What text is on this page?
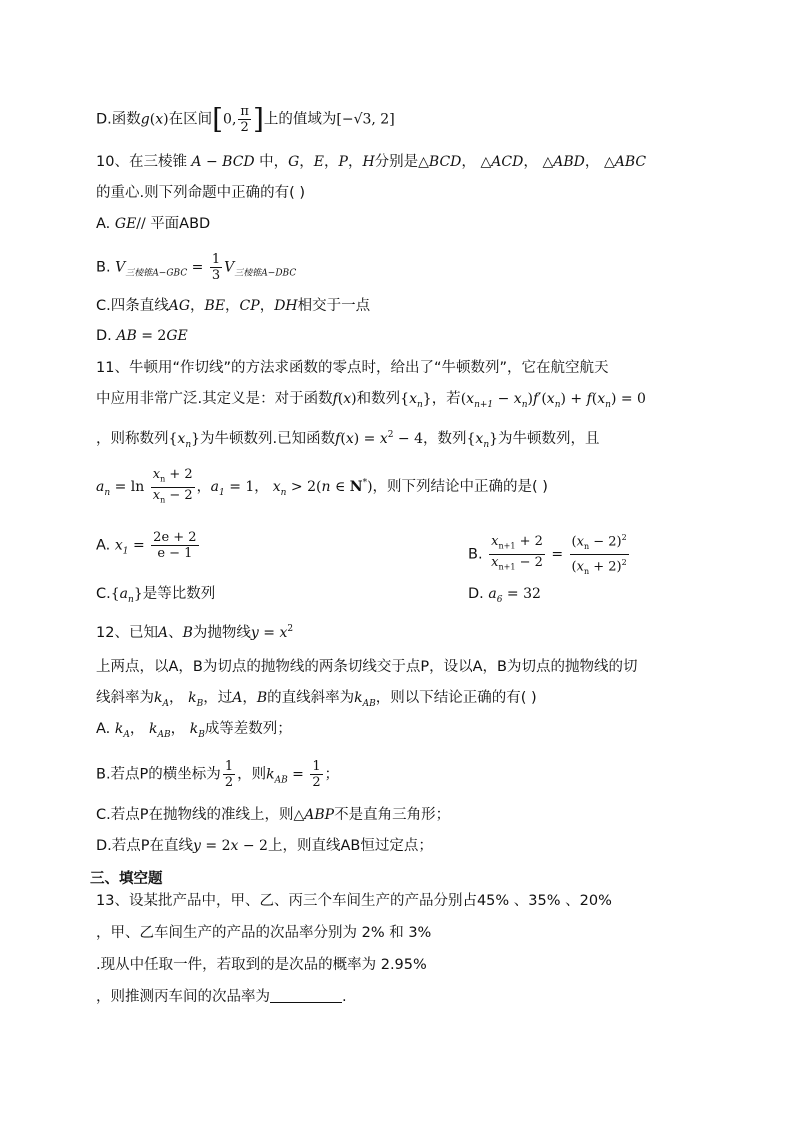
D.函数g(x)在区间[0, $\frac{\pi}{2}$ ]上的值域为[−√3, 2]
10、在三棱锥 A − BCD 中，G，E，P，H分别是△BCD， △ACD， △ABD， △ABC
的重心.则下列命题中正确的有( )
A. GE// 平面ABD
B. $V_{三棱锥A-GBC} = \frac{1}{3} V_{三棱锥A-DBC}$
C.四条直线AG，BE，CP，DH相交于一点
D. AB = 2GE
11、牛顿用“作切线”的方法求函数的零点时，给出了“牛顿数列”，它在航空航天
中应用非常广泛.其定义是：对于函数f(x)和数列$\{x_n\}$，若$(x_{n+1} - x_n)f'(x_n) + f(x_n) = 0$
，则称数列$\{x_n\}$为牛顿数列.已知函数$f(x) = x^2 - 4$，数列$\{x_n\}$为牛顿数列，且
$a_n = \ln \frac{x_n + 2}{x_n - 2}$ ，$a_1 = 1$， $x_n > 2(n$ ∈ N*)，则下列结论中正确的是( )
A. $x_1 = \frac{2e + 2}{e - 1}$	B. $\frac{x_{n+1} + 2}{x_{n+1} - 2} = \frac{(x_n - 2)^2}{(x_n + 2)^2}$
$C.\{a_n\}$是等比数列	D. $a_6 = 32$
12、已知A、B为抛物线$y = x^2$
上两点，以A，B为切点的抛物线的两条切线交于点P，设以A，B为切点的抛物线的切
线斜率为$k_A$， $k_B$，过A，B的直线斜率为$k_{AB}$，则以下结论正确的有( )
A. $k_A$， $k_{AB}$， $k_B$成等差数列；
B.若点P的横坐标为 $\frac{1}{2}$ ，则$k_{AB} = \frac{1}{2}$ ；
C.若点P在抛物线的准线上，则△ABP不是直角三角形；
D.若点P在直线y = 2x − 2上，则直线AB恒过定点；
三、填空题
13、设某批产品中，甲、乙、丙三个车间生产的产品分别占45% 、35% 、20%
，甲、乙车间生产的产品的次品率分别为 2% 和 3%
.现从中任取一件，若取到的是次品的概率为 2.95%
，则推测丙车间的次品率为	.
